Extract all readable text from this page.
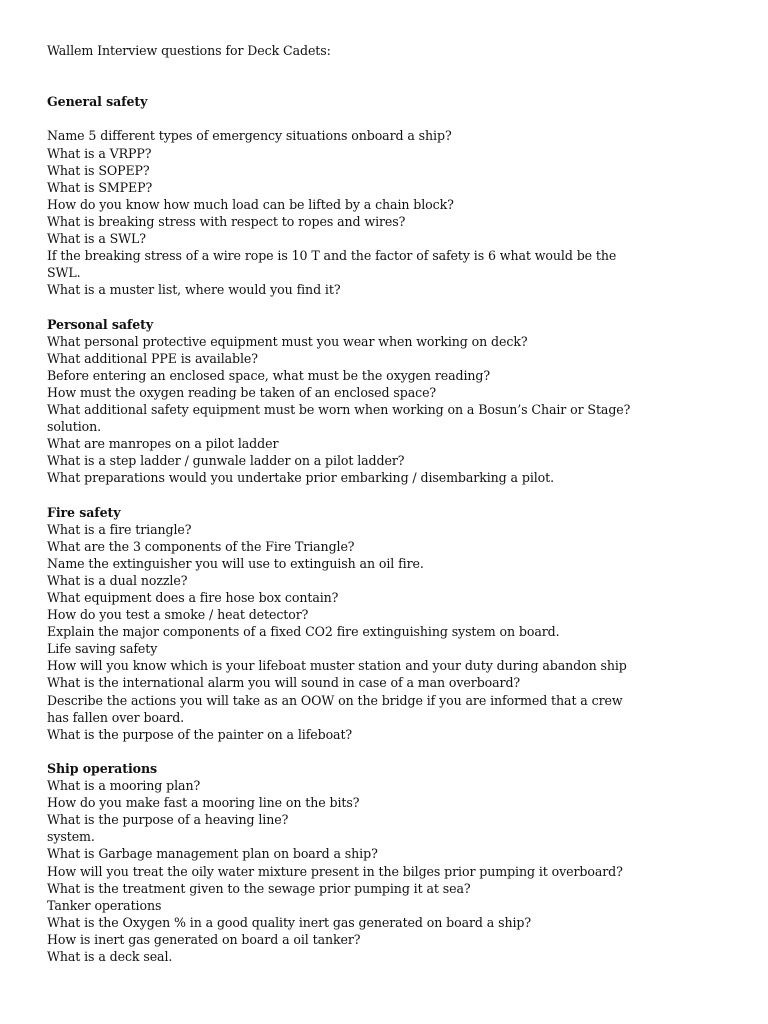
Wallem Interview questions for Deck Cadets:
General safety
Name 5 different types of emergency situations onboard a ship?
What is a VRPP?
What is SOPEP?
What is SMPEP?
How do you know how much load can be lifted by a chain block?
What is breaking stress with respect to ropes and wires?
What is a SWL?
If the breaking stress of a wire rope is 10 T and the factor of safety is 6 what would be the
SWL.
What is a muster list, where would you find it?
Personal safety
What personal protective equipment must you wear when working on deck?
What additional PPE is available?
Before entering an enclosed space, what must be the oxygen reading?
How must the oxygen reading be taken of an enclosed space?
What additional safety equipment must be worn when working on a Bosun’s Chair or Stage?
solution.
What are manropes on a pilot ladder
What is a step ladder / gunwale ladder on a pilot ladder?
What preparations would you undertake prior embarking / disembarking a pilot.
Fire safety
What is a fire triangle?
What are the 3 components of the Fire Triangle?
Name the extinguisher you will use to extinguish an oil fire.
What is a dual nozzle?
What equipment does a fire hose box contain?
How do you test a smoke / heat detector?
Explain the major components of a fixed CO2 fire extinguishing system on board.
Life saving safety
How will you know which is your lifeboat muster station and your duty during abandon ship
What is the international alarm you will sound in case of a man overboard?
Describe the actions you will take as an OOW on the bridge if you are informed that a crew
has fallen over board.
What is the purpose of the painter on a lifeboat?
Ship operations
What is a mooring plan?
How do you make fast a mooring line on the bits?
What is the purpose of a heaving line?
system.
What is Garbage management plan on board a ship?
How will you treat the oily water mixture present in the bilges prior pumping it overboard?
What is the treatment given to the sewage prior pumping it at sea?
Tanker operations
What is the Oxygen % in a good quality inert gas generated on board a ship?
How is inert gas generated on board a oil tanker?
What is a deck seal.
